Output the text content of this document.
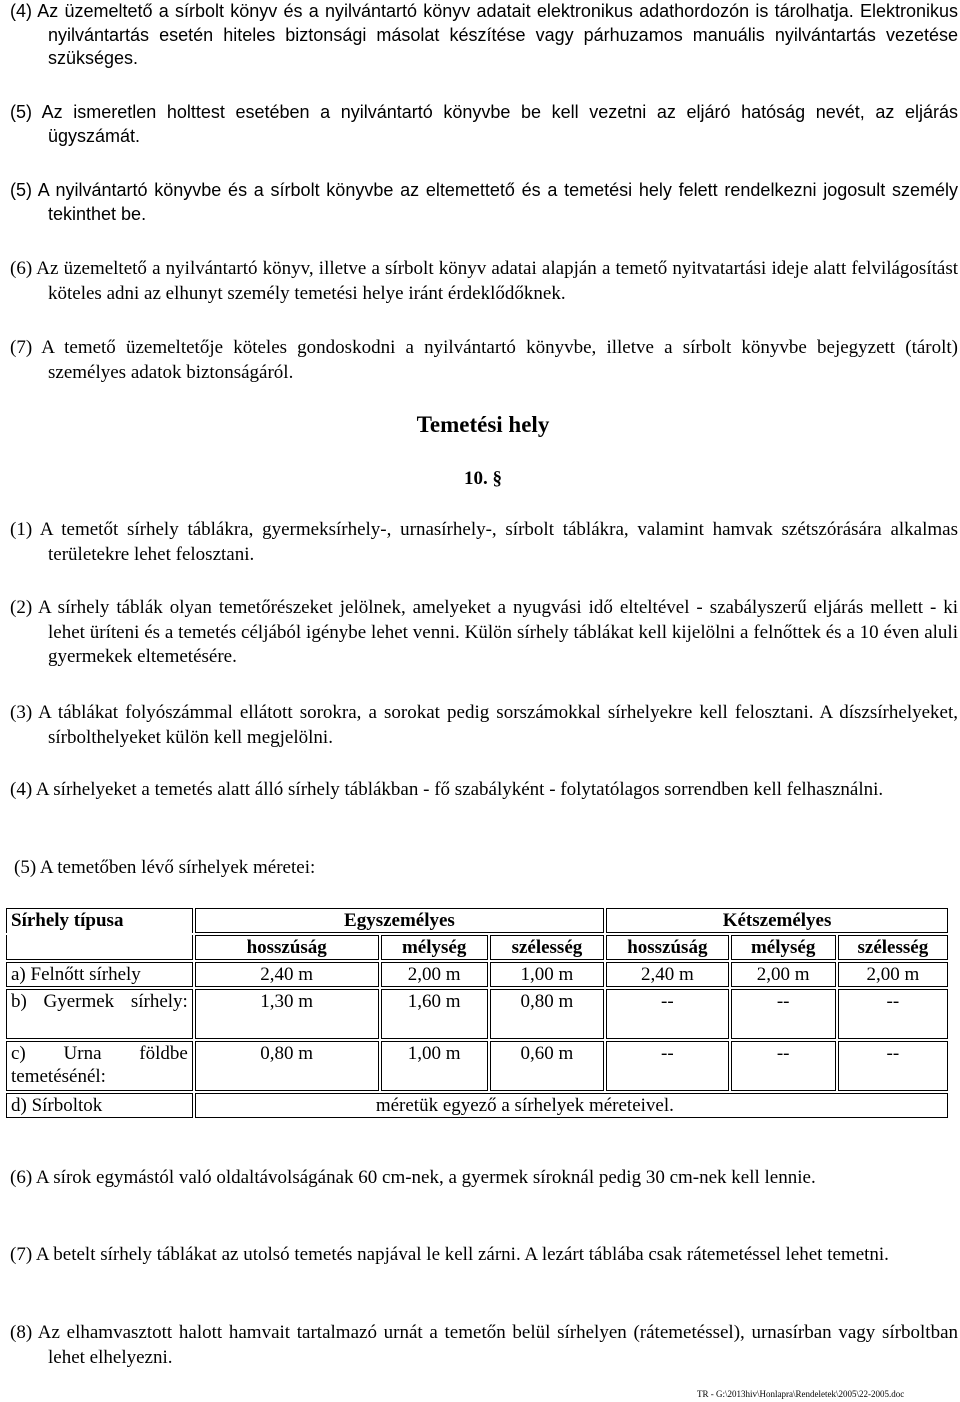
(4) Az üzemeltető a sírbolt könyv és a nyilvántartó könyv adatait elektronikus adathordozón is tárolhatja. Elektronikus nyilvántartás esetén hiteles biztonsági másolat készítése vagy párhuzamos manuális nyilvántartás vezetése szükséges.

(5) Az ismeretlen holttest esetében a nyilvántartó könyvbe be kell vezetni az eljáró hatóság nevét, az eljárás ügyszámát.

(5) A nyilvántartó könyvbe és a sírbolt könyvbe az eltemettető és a temetési hely felett rendelkezni jogosult személy tekinthet be.

(6) Az üzemeltető a nyilvántartó könyv, illetve a sírbolt könyv adatai alapján a temető nyitvatartási ideje alatt felvilágosítást köteles adni az elhunyt személy temetési helye iránt érdeklődőknek.

(7) A temető üzemeltetője köteles gondoskodni a nyilvántartó könyvbe, illetve a sírbolt könyvbe bejegyzett (tárolt) személyes adatok biztonságáról.

Temetési hely

10. §

(1) A temetőt sírhely táblákra, gyermeksírhely-, urnasírhely-, sírbolt táblákra, valamint hamvak szétszórására alkalmas területekre lehet felosztani.

(2) A sírhely táblák olyan temetőrészeket jelölnek, amelyeket a nyugvási idő elteltével - szabályszerű eljárás mellett - ki lehet üríteni és a temetés céljából igénybe lehet venni. Külön sírhely táblákat kell kijelölni a felnőttek és a 10 éven aluli gyermekek eltemetésére.

(3) A táblákat folyószámmal ellátott sorokra, a sorokat pedig sorszámokkal sírhelyekre kell felosztani. A díszsírhelyeket, sírbolthelyeket külön kell megjelölni.

(4) A sírhelyeket a temetés alatt álló sírhely táblákban - fő szabályként - folytatólagos sorrendben kell felhasználni.

(5) A temetőben lévő sírhelyek méretei:

Sírhely típusa	Egyszemélyes			Kétszemélyes		
	hosszúság	mélység	szélesség	hosszúság	mélység	szélesség
a) Felnőtt sírhely	2,40 m	2,00 m	1,00 m	2,40 m	2,00 m	2,00 m
b) Gyermek sírhely:	1,30 m	1,60 m	0,80 m	--	--	--
c) Urna földbe temetésénél:	0,80 m	1,00 m	0,60 m	--	--	--
d) Sírboltok	méretük egyező a sírhelyek méreteivel.					

(6) A sírok egymástól való oldaltávolságának 60 cm-nek, a gyermek síroknál pedig 30 cm-nek kell lennie.

(7) A betelt sírhely táblákat az utolsó temetés napjával le kell zárni. A lezárt táblába csak rátemetéssel lehet temetni.

(8) Az elhamvasztott halott hamvait tartalmazó urnát a temetőn belül sírhelyen (rátemetéssel), urnasírban vagy sírboltban lehet elhelyezni.

TR - G:\2013hiv\Honlapra\Rendeletek\2005\22-2005.doc
